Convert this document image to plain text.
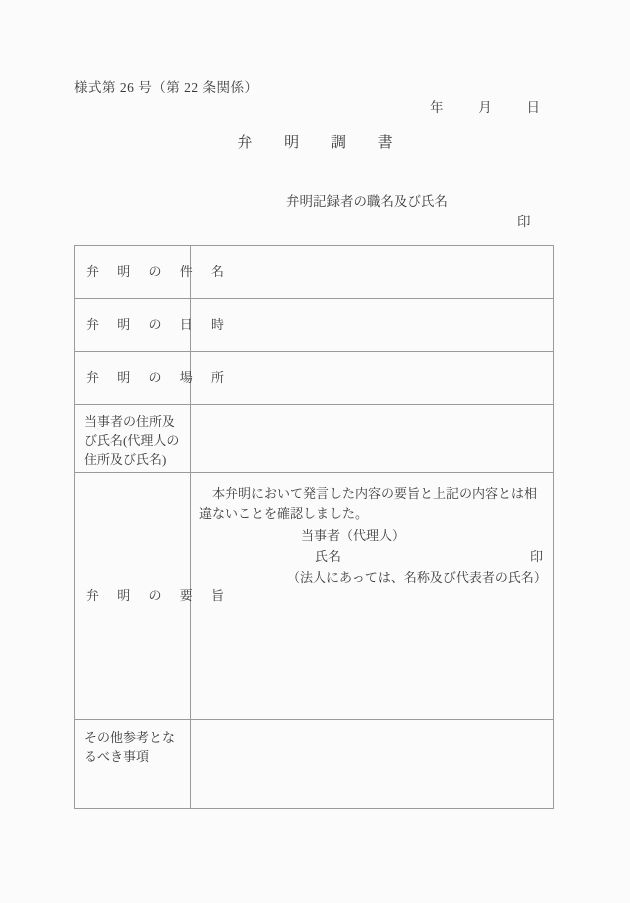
様式第 26 号（第 22 条関係）
年	月	日
弁 明 調 書
弁明記録者の職名及び氏名
印
弁 明 の 件 名	

弁 明 の 日 時	

弁 明 の 場 所	

当事者の住所及び氏名(代理人の住所及び氏名)	

弁 明 の 要 旨	本弁明において発言した内容の要旨と上記の内容とは相違ないことを確認しました。
当事者（代理人）
氏名 印
（法人にあっては、名称及び代表者の氏名）

その他参考となるべき事項	
